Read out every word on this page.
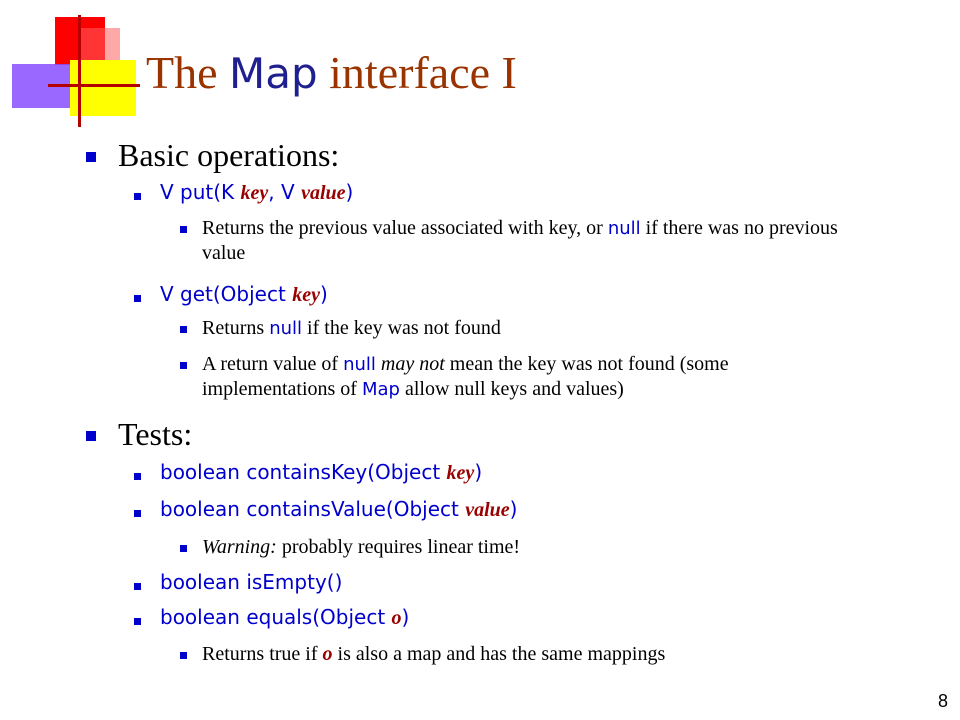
The Map interface I
Basic operations:
V put(K key, V value)
Returns the previous value associated with key, or null if there was no previous value
V get(Object key)
Returns null if the key was not found
A return value of null may not mean the key was not found (some implementations of Map allow null keys and values)
Tests:
boolean containsKey(Object key)
boolean containsValue(Object value)
Warning: probably requires linear time!
boolean isEmpty()
boolean equals(Object o)
Returns true if o is also a map and has the same mappings
8
